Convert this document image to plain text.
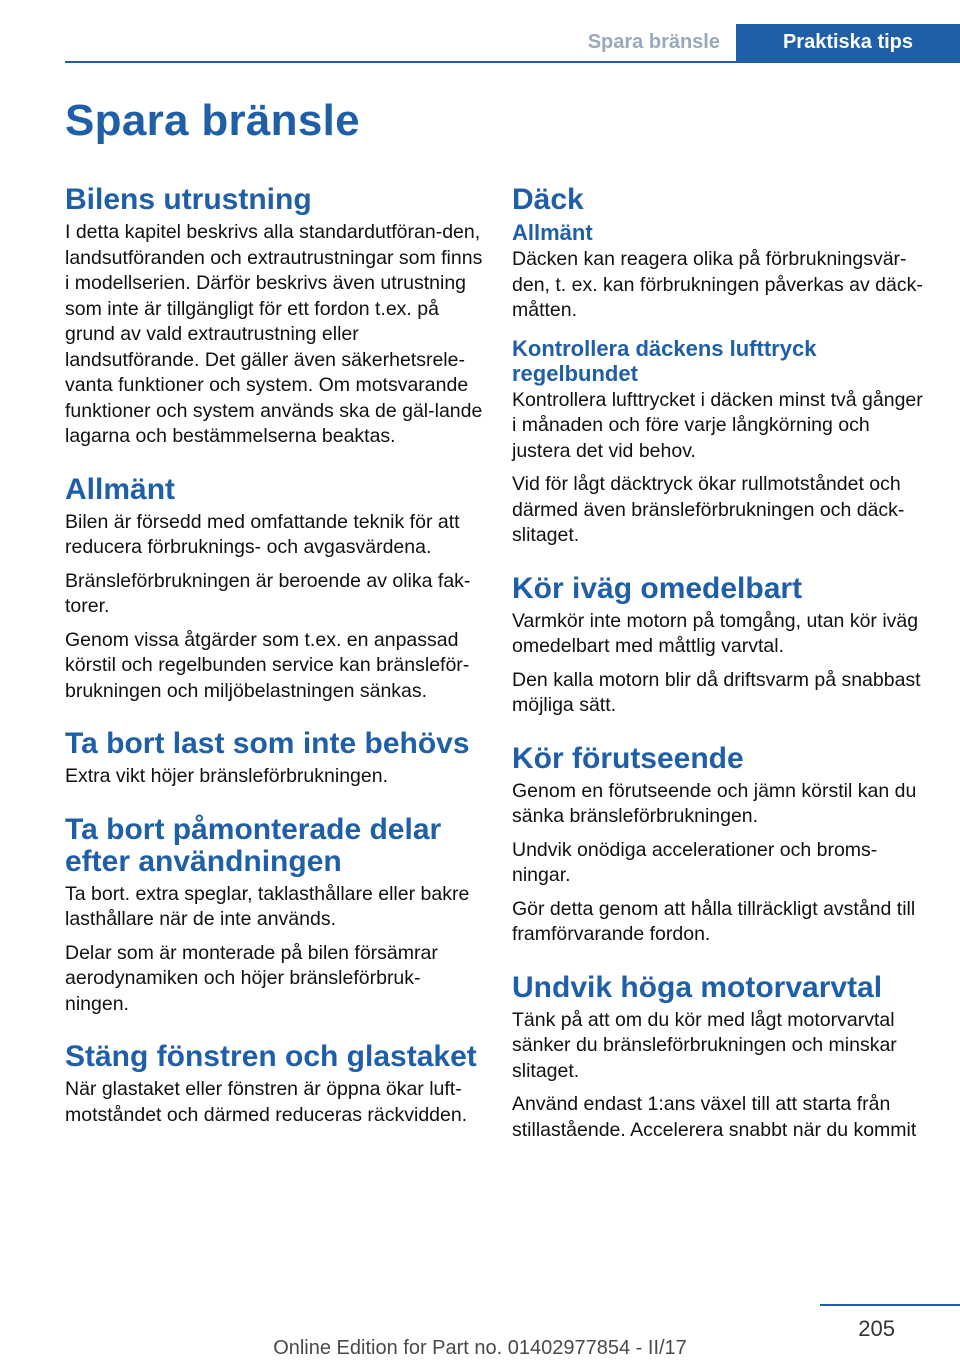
Spara bränsle	Praktiska tips
Spara bränsle
Bilens utrustning

I detta kapitel beskrivs alla standardutföran-den, landsutföranden och extrautrustningar som finns i modellserien. Därför beskrivs även utrustning som inte är tillgängligt för ett fordon t.ex. på grund av vald extrautrustning eller landsutförande. Det gäller även säkerhetsrele-vanta funktioner och system. Om motsvarande funktioner och system används ska de gäl-lande lagarna och bestämmelserna beaktas.

Allmänt

Bilen är försedd med omfattande teknik för att reducera förbruknings- och avgasvärdena.

Bränsleförbrukningen är beroende av olika fak-torer.

Genom vissa åtgärder som t.ex. en anpassad körstil och regelbunden service kan bränsleför-brukningen och miljöbelastningen sänkas.

Ta bort last som inte behövs

Extra vikt höjer bränsleförbrukningen.

Ta bort påmonterade delar efter användningen

Ta bort. extra speglar, taklasthållare eller bakre lasthållare när de inte används.

Delar som är monterade på bilen försämrar aerodynamiken och höjer bränsleförbruk-ningen.

Stäng fönstren och glastaket

När glastaket eller fönstren är öppna ökar luft-motståndet och därmed reduceras räckvidden.

Däck
Allmänt

Däcken kan reagera olika på förbrukningsvär-den, t. ex. kan förbrukningen påverkas av däck-måtten.

Kontrollera däckens lufttryck regelbundet

Kontrollera lufttrycket i däcken minst två gånger i månaden och före varje långkörning och justera det vid behov.

Vid för lågt däcktryck ökar rullmotståndet och därmed även bränsleförbrukningen och däck-slitaget.

Kör iväg omedelbart

Varmkör inte motorn på tomgång, utan kör iväg omedelbart med måttlig varvtal.

Den kalla motorn blir då driftsvarm på snabbast möjliga sätt.

Kör förutseende

Genom en förutseende och jämn körstil kan du sänka bränsleförbrukningen.

Undvik onödiga accelerationer och broms-ningar.

Gör detta genom att hålla tillräckligt avstånd till framförvarande fordon.

Undvik höga motorvarvtal

Tänk på att om du kör med lågt motorvarvtal sänker du bränsleförbrukningen och minskar slitaget.

Använd endast 1:ans växel till att starta från stillastående. Accelerera snabbt när du kommit

205
Online Edition for Part no. 01402977854 - II/17
